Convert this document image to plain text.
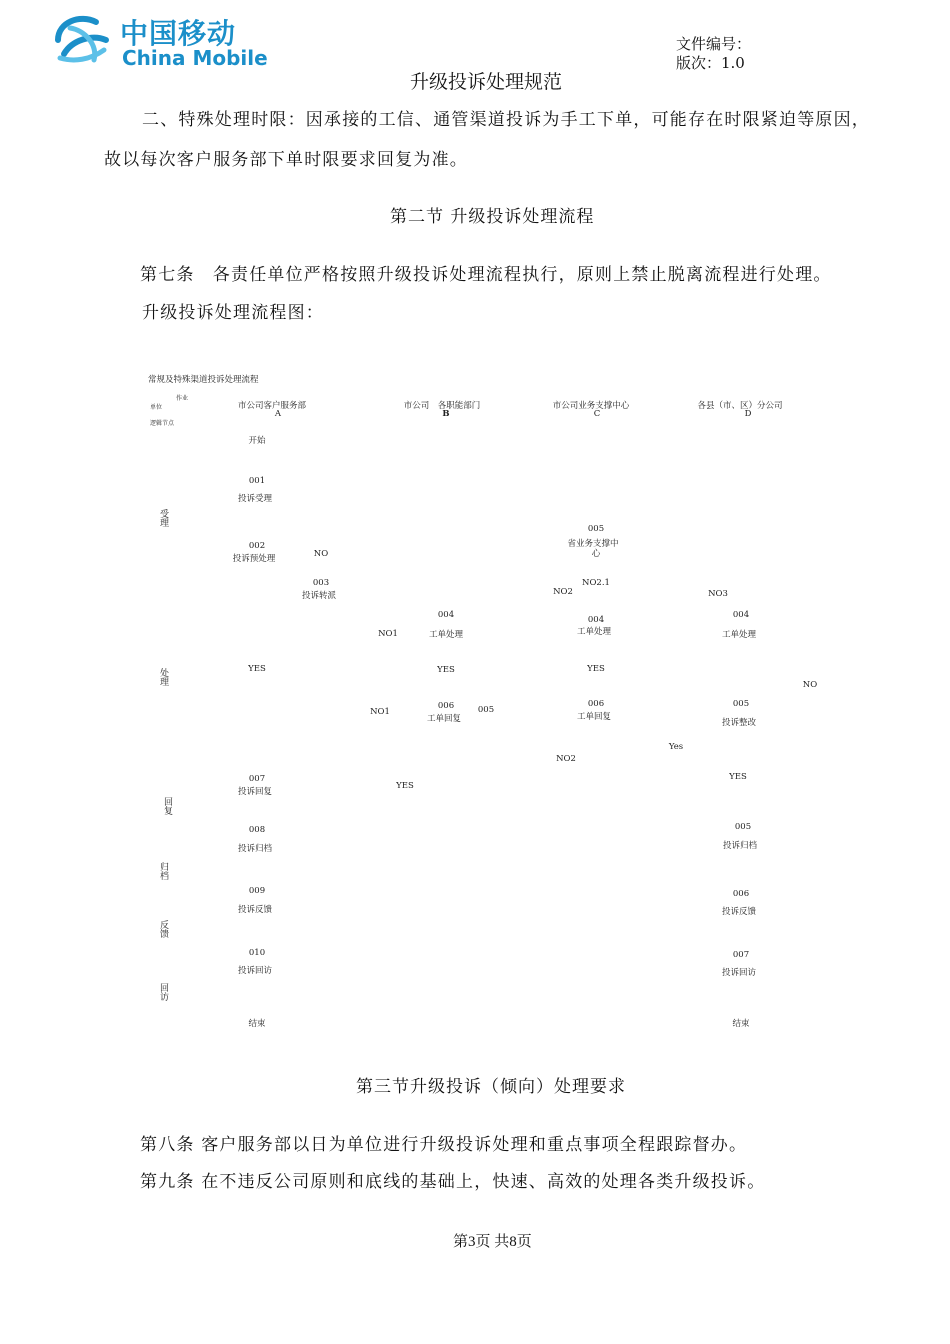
中国移动
China Mobile
文件编号：
版次：1.0
升级投诉处理规范
二、特殊处理时限：因承接的工信、通管渠道投诉为手工下单，可能存在时限紧迫等原因，
故以每次客户服务部下单时限要求回复为准。
第二节 升级投诉处理流程
第七条　各责任单位严格按照升级投诉处理流程执行，原则上禁止脱离流程进行处理。
升级投诉处理流程图：
常规及特殊渠道投诉处理流程
作业
单位
逻辑节点
市公司客户服务部
A
市公司　各职能部门
B
市公司业务支撑中心
C
各县（市、区）分公司
D
受理
处理
回复
归档
反馈
回访
开始
001
投诉受理
002
投诉预处理	NO
003
投诉转派
YES
007
投诉回复
008
投诉归档
009
投诉反馈
010
投诉回访
结束
004
工单处理
NO1
YES
NO1
006
工单回复
005
YES
005
省业务支撑中
心
NO2
NO2.1
004
工单处理
YES
006
工单回复
Yes
NO2
NO3
004
工单处理
NO
005
投诉整改
YES
005
投诉归档
006
投诉反馈
007
投诉回访
结束
第三节升级投诉（倾向）处理要求
第八条 客户服务部以日为单位进行升级投诉处理和重点事项全程跟踪督办。
第九条 在不违反公司原则和底线的基础上，快速、高效的处理各类升级投诉。
第3页 共8页
